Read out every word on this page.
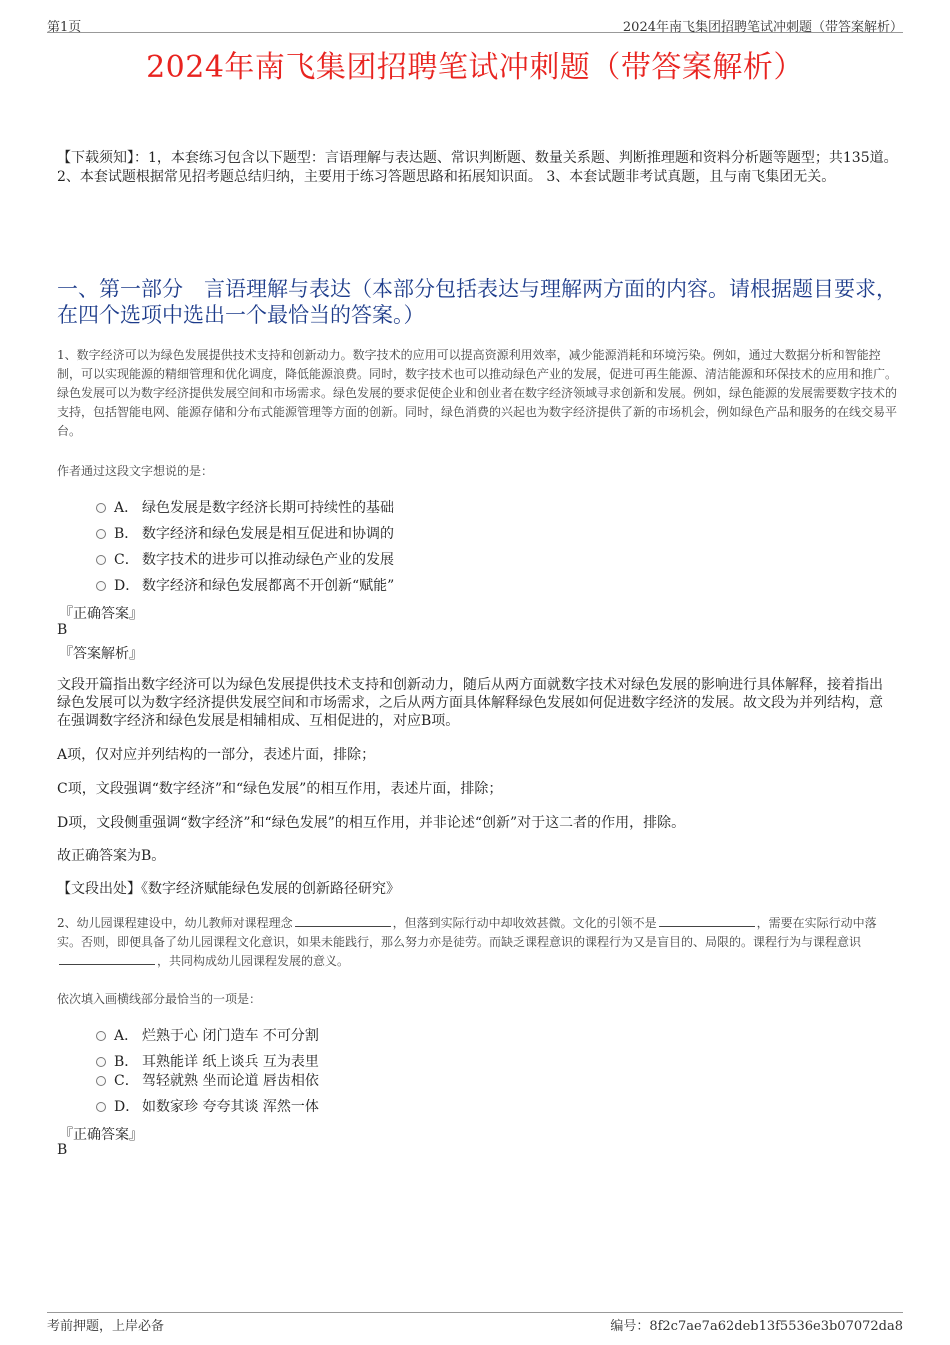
第1页	2024年南飞集团招聘笔试冲刺题（带答案解析）
2024年南飞集团招聘笔试冲刺题（带答案解析）
【下载须知】：1，本套练习包含以下题型：言语理解与表达题、常识判断题、数量关系题、判断推理题和资料分析题等题型；共135道。 2、本套试题根据常见招考题总结归纳，主要用于练习答题思路和拓展知识面。 3、本套试题非考试真题，且与南飞集团无关。
一、第一部分　言语理解与表达（本部分包括表达与理解两方面的内容。请根据题目要求，在四个选项中选出一个最恰当的答案。）
1、数字经济可以为绿色发展提供技术支持和创新动力。数字技术的应用可以提高资源利用效率，减少能源消耗和环境污染。例如，通过大数据分析和智能控制，可以实现能源的精细管理和优化调度，降低能源浪费。同时，数字技术也可以推动绿色产业的发展，促进可再生能源、清洁能源和环保技术的应用和推广。绿色发展可以为数字经济提供发展空间和市场需求。绿色发展的要求促使企业和创业者在数字经济领域寻求创新和发展。例如，绿色能源的发展需要数字技术的支持，包括智能电网、能源存储和分布式能源管理等方面的创新。同时，绿色消费的兴起也为数字经济提供了新的市场机会，例如绿色产品和服务的在线交易平台。
作者通过这段文字想说的是：
A． 绿色发展是数字经济长期可持续性的基础
B． 数字经济和绿色发展是相互促进和协调的
C． 数字技术的进步可以推动绿色产业的发展
D． 数字经济和绿色发展都离不开创新“赋能”
『正确答案』
B
『答案解析』
文段开篇指出数字经济可以为绿色发展提供技术支持和创新动力，随后从两方面就数字技术对绿色发展的影响进行具体解释，接着指出绿色发展可以为数字经济提供发展空间和市场需求，之后从两方面具体解释绿色发展如何促进数字经济的发展。故文段为并列结构，意在强调数字经济和绿色发展是相辅相成、互相促进的，对应B项。
A项，仅对应并列结构的一部分，表述片面，排除；
C项，文段强调“数字经济”和“绿色发展”的相互作用，表述片面，排除；
D项，文段侧重强调“数字经济”和“绿色发展”的相互作用，并非论述“创新”对于这二者的作用，排除。
故正确答案为B。
【文段出处】《数字经济赋能绿色发展的创新路径研究》
2、幼儿园课程建设中，幼儿教师对课程理念	，但落到实际行动中却收效甚微。文化的引领不是	，需要在实际行动中落实。否则，即便具备了幼儿园课程文化意识，如果未能践行，那么努力亦是徒劳。而缺乏课程意识的课程行为又是盲目的、局限的。课程行为与课程意识，共同构成幼儿园课程发展的意义。
依次填入画横线部分最恰当的一项是：
A． 烂熟于心 闭门造车 不可分割
B． 耳熟能详 纸上谈兵 互为表里
C． 驾轻就熟 坐而论道 唇齿相依
D． 如数家珍 夸夸其谈 浑然一体
『正确答案』
B
考前押题，上岸必备	编号：8f2c7ae7a62deb13f5536e3b07072da8
